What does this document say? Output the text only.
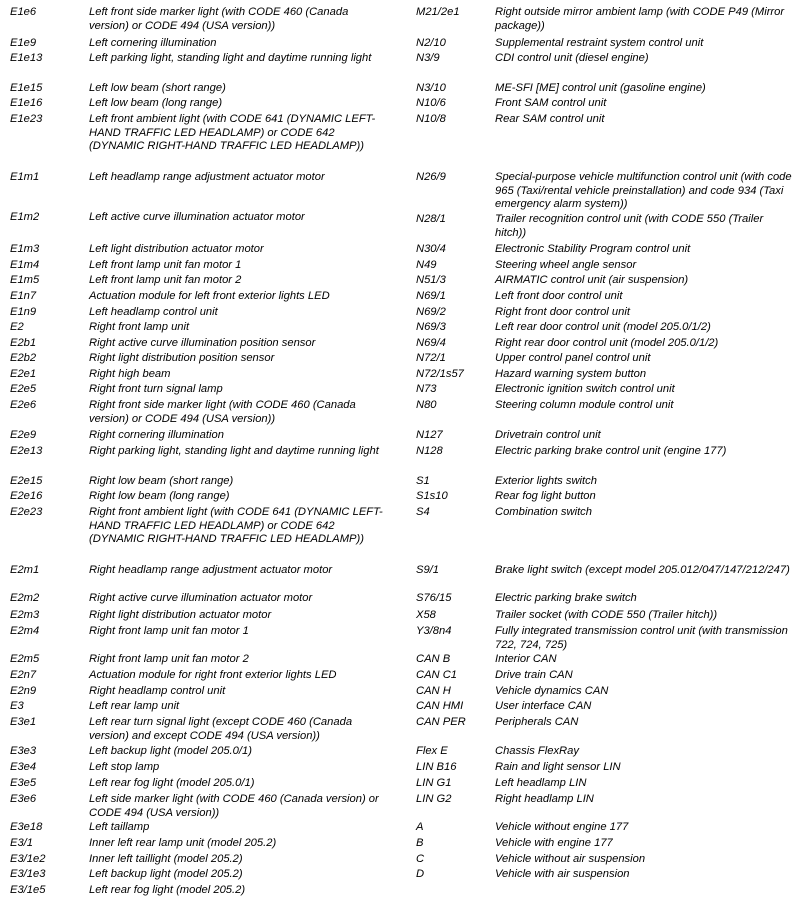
E1e6	Left front side marker light (with CODE 460 (Canada version) or CODE 494 (USA version))
E1e9	Left cornering illumination
E1e13	Left parking light, standing light and daytime running light
E1e15	Left low beam (short range)
E1e16	Left low beam (long range)
E1e23	Left front ambient light (with CODE 641 (DYNAMIC LEFT-HAND TRAFFIC LED HEADLAMP) or CODE 642 (DYNAMIC RIGHT-HAND TRAFFIC LED HEADLAMP))
E1m1	Left headlamp range adjustment actuator motor
E1m2	Left active curve illumination actuator motor
E1m3	Left light distribution actuator motor
E1m4	Left front lamp unit fan motor 1
E1m5	Left front lamp unit fan motor 2
E1n7	Actuation module for left front exterior lights LED
E1n9	Left headlamp control unit
E2	Right front lamp unit
E2b1	Right active curve illumination position sensor
E2b2	Right light distribution position sensor
E2e1	Right high beam
E2e5	Right front turn signal lamp
E2e6	Right front side marker light (with CODE 460 (Canada version) or CODE 494 (USA version))
E2e9	Right cornering illumination
E2e13	Right parking light, standing light and daytime running light
E2e15	Right low beam (short range)
E2e16	Right low beam (long range)
E2e23	Right front ambient light (with CODE 641 (DYNAMIC LEFT-HAND TRAFFIC LED HEADLAMP) or CODE 642 (DYNAMIC RIGHT-HAND TRAFFIC LED HEADLAMP))
E2m1	Right headlamp range adjustment actuator motor
E2m2	Right active curve illumination actuator motor
E2m3	Right light distribution actuator motor
E2m4	Right front lamp unit fan motor 1
E2m5	Right front lamp unit fan motor 2
E2n7	Actuation module for right front exterior lights LED
E2n9	Right headlamp control unit
E3	Left rear lamp unit
E3e1	Left rear turn signal light (except CODE 460 (Canada version) and except CODE 494 (USA version))
E3e3	Left backup light (model 205.0/1)
E3e4	Left stop lamp
E3e5	Left rear fog light (model 205.0/1)
E3e6	Left side marker light (with CODE 460 (Canada version) or CODE 494 (USA version))
E3e18	Left taillamp
E3/1	Inner left rear lamp unit (model 205.2)
E3/1e2	Inner left taillight (model 205.2)
E3/1e3	Left backup light (model 205.2)
E3/1e5	Left rear fog light (model 205.2)
M21/2e1	Right outside mirror ambient lamp (with CODE P49 (Mirror package))
N2/10	Supplemental restraint system control unit
N3/9	CDI control unit (diesel engine)
N3/10	ME-SFI [ME] control unit (gasoline engine)
N10/6	Front SAM control unit
N10/8	Rear SAM control unit
N26/9	Special-purpose vehicle multifunction control unit (with code 965 (Taxi/rental vehicle preinstallation) and code 934 (Taxi emergency alarm system))
N28/1	Trailer recognition control unit (with CODE 550 (Trailer hitch))
N30/4	Electronic Stability Program control unit
N49	Steering wheel angle sensor
N51/3	AIRMATIC control unit (air suspension)
N69/1	Left front door control unit
N69/2	Right front door control unit
N69/3	Left rear door control unit (model 205.0/1/2)
N69/4	Right rear door control unit (model 205.0/1/2)
N72/1	Upper control panel control unit
N72/1s57	Hazard warning system button
N73	Electronic ignition switch control unit
N80	Steering column module control unit
N127	Drivetrain control unit
N128	Electric parking brake control unit (engine 177)
S1	Exterior lights switch
S1s10	Rear fog light button
S4	Combination switch
S9/1	Brake light switch (except model 205.012/047/147/212/247)
S76/15	Electric parking brake switch
X58	Trailer socket (with CODE 550 (Trailer hitch))
Y3/8n4	Fully integrated transmission control unit (with transmission 722, 724, 725)
CAN B	Interior CAN
CAN C1	Drive train CAN
CAN H	Vehicle dynamics CAN
CAN HMI	User interface CAN
CAN PER	Peripherals CAN
Flex E	Chassis FlexRay
LIN B16	Rain and light sensor LIN
LIN G1	Left headlamp LIN
LIN G2	Right headlamp LIN
A	Vehicle without engine 177
B	Vehicle with engine 177
C	Vehicle without air suspension
D	Vehicle with air suspension
